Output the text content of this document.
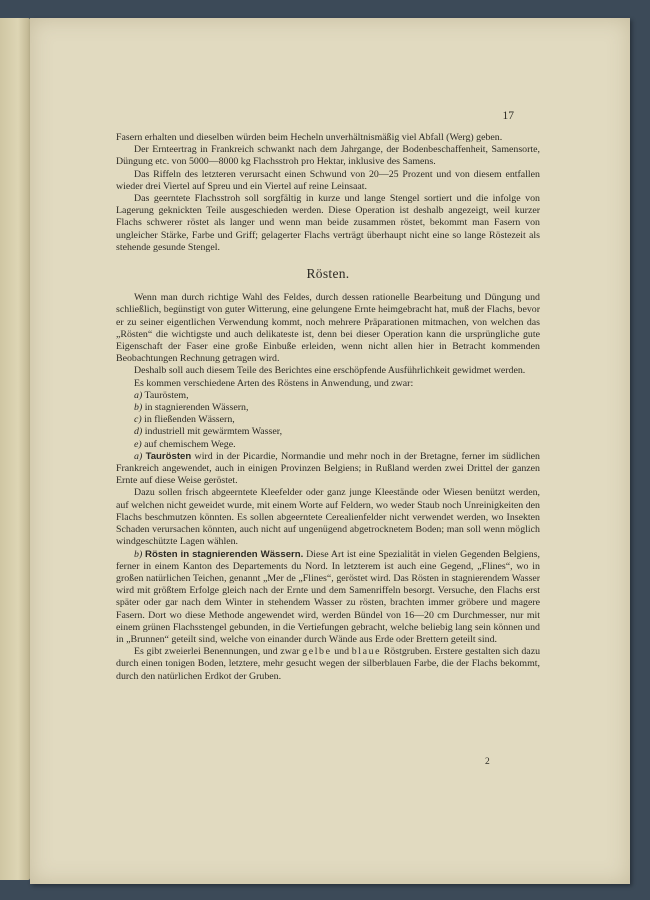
17

Fasern erhalten und dieselben würden beim Hecheln unverhältnismäßig viel Abfall (Werg) geben.

Der Ernteertrag in Frankreich schwankt nach dem Jahrgange, der Bodenbeschaffenheit, Samensorte, Düngung etc. von 5000—8000 kg Flachsstroh pro Hektar, inklusive des Samens.

Das Riffeln des letzteren verursacht einen Schwund von 20—25 Prozent und von diesem entfallen wieder drei Viertel auf Spreu und ein Viertel auf reine Leinsaat.

Das geerntete Flachsstroh soll sorgfältig in kurze und lange Stengel sortiert und die infolge von Lagerung geknickten Teile ausgeschieden werden. Diese Operation ist deshalb angezeigt, weil kurzer Flachs schwerer röstet als langer und wenn man beide zusammen röstet, bekommt man Fasern von ungleicher Stärke, Farbe und Griff; gelagerter Flachs verträgt überhaupt nicht eine so lange Röstezeit als stehende gesunde Stengel.

Rösten.

Wenn man durch richtige Wahl des Feldes, durch dessen rationelle Bearbeitung und Düngung und schließlich, begünstigt von guter Witterung, eine gelungene Ernte heimgebracht hat, muß der Flachs, bevor er zu seiner eigentlichen Verwendung kommt, noch mehrere Präparationen mitmachen, von welchen das „Rösten“ die wichtigste und auch delikateste ist, denn bei dieser Operation kann die ursprüngliche gute Eigenschaft der Faser eine große Einbuße erleiden, wenn nicht allen hier in Betracht kommenden Beobachtungen Rechnung getragen wird.

Deshalb soll auch diesem Teile des Berichtes eine erschöpfende Ausführlichkeit gewidmet werden.

Es kommen verschiedene Arten des Röstens in Anwendung, und zwar:

a) Tauröstem,
b) in stagnierenden Wässern,
c) in fließenden Wässern,
d) industriell mit gewärmtem Wasser,
e) auf chemischem Wege.

a) Taurösten wird in der Picardie, Normandie und mehr noch in der Bretagne, ferner im südlichen Frankreich angewendet, auch in einigen Provinzen Belgiens; in Rußland werden zwei Drittel der ganzen Ernte auf diese Weise geröstet.

Dazu sollen frisch abgeerntete Kleefelder oder ganz junge Kleestände oder Wiesen benützt werden, auf welchen nicht geweidet wurde, mit einem Worte auf Feldern, wo weder Staub noch Unreinigkeiten den Flachs beschmutzen könnten. Es sollen abgeerntete Cerealienfelder nicht verwendet werden, wo Insekten Schaden verursachen könnten, auch nicht auf ungenügend abgetrocknetem Boden; man soll wenn möglich windgeschützte Lagen wählen.

b) Rösten in stagnierenden Wässern. Diese Art ist eine Spezialität in vielen Gegenden Belgiens, ferner in einem Kanton des Departements du Nord. In letzterem ist auch eine Gegend, „Flines“, wo in großen natürlichen Teichen, genannt „Mer de „Flines“, geröstet wird. Das Rösten in stagnierendem Wasser wird mit größtem Erfolge gleich nach der Ernte und dem Samenriffeln besorgt. Versuche, den Flachs erst später oder gar nach dem Winter in stehendem Wasser zu rösten, brachten immer gröbere und magere Fasern. Dort wo diese Methode angewendet wird, werden Bündel von 16—20 cm Durchmesser, nur mit einem grünen Flachsstengel gebunden, in die Vertiefungen gebracht, welche beliebig lang sein können und in „Brunnen“ geteilt sind, welche von einander durch Wände aus Erde oder Brettern geteilt sind.

Es gibt zweierlei Benennungen, und zwar gelbe und blaue Röstgruben. Erstere gestalten sich dazu durch einen tonigen Boden, letztere, mehr gesucht wegen der silberblauen Farbe, die der Flachs bekommt, durch den natürlichen Erdkot der Gruben.

2
